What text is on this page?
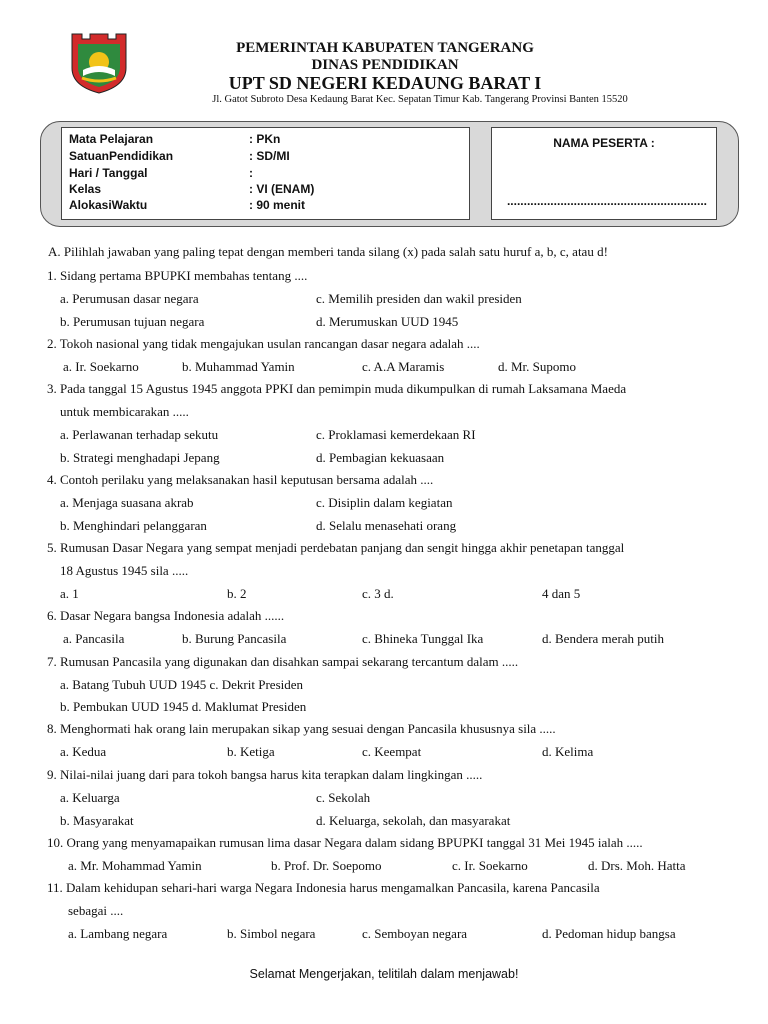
PEMERINTAH KABUPATEN TANGERANG
DINAS PENDIDIKAN
UPT SD NEGERI KEDAUNG BARAT I
Jl. Gatot Subroto Desa Kedaung Barat Kec. Sepatan Timur Kab. Tangerang Provinsi Banten 15520
Mata Pelajaran	: PKn
SatuanPendidikan	: SD/MI
Hari / Tanggal	:
Kelas	: VI (ENAM)
AlokasiWaktu	: 90 menit
NAMA PESERTA :
............................................................
A. Pilihlah jawaban yang paling tepat dengan memberi tanda silang (x) pada salah satu huruf a, b, c, atau d!
1. Sidang pertama BPUPKI membahas tentang ....
a. Perumusan dasar negara	c. Memilih presiden dan wakil presiden
b. Perumusan tujuan negara	d. Merumuskan UUD 1945
2. Tokoh nasional yang tidak mengajukan usulan rancangan dasar negara adalah ....
a. Ir. Soekarno	b. Muhammad Yamin	c. A.A Maramis	d. Mr. Supomo
3. Pada tanggal 15 Agustus 1945 anggota PPKI dan pemimpin muda dikumpulkan di rumah Laksamana Maeda
untuk membicarakan .....
a. Perlawanan terhadap sekutu	c. Proklamasi kemerdekaan RI
b. Strategi menghadapi Jepang	d. Pembagian kekuasaan
4. Contoh perilaku yang melaksanakan hasil keputusan bersama adalah ....
a. Menjaga suasana akrab	c. Disiplin dalam kegiatan
b. Menghindari pelanggaran	d. Selalu menasehati orang
5. Rumusan Dasar Negara yang sempat menjadi perdebatan panjang dan sengit hingga akhir penetapan tanggal
18 Agustus 1945 sila .....
a. 1	b. 2	c. 3 d.	4 dan 5
6. Dasar Negara bangsa Indonesia adalah ......
a. Pancasila	b. Burung Pancasila	c. Bhineka Tunggal Ika	d. Bendera merah putih
7. Rumusan Pancasila yang digunakan dan disahkan sampai sekarang tercantum dalam .....
a. Batang Tubuh UUD 1945 c. Dekrit Presiden
b. Pembukan UUD 1945 d. Maklumat Presiden
8. Menghormati hak orang lain merupakan sikap yang sesuai dengan Pancasila khususnya sila .....
a. Kedua	b. Ketiga	c. Keempat	d. Kelima
9. Nilai-nilai juang dari para tokoh bangsa harus kita terapkan dalam lingkingan .....
a. Keluarga	c. Sekolah
b. Masyarakat	d. Keluarga, sekolah, dan masyarakat
10. Orang yang menyamapaikan rumusan lima dasar Negara dalam sidang BPUPKI tanggal 31 Mei 1945 ialah .....
a. Mr. Mohammad Yamin	b. Prof. Dr. Soepomo	c. Ir. Soekarno	d. Drs. Moh. Hatta
11. Dalam kehidupan sehari-hari warga Negara Indonesia harus mengamalkan Pancasila, karena Pancasila
sebagai ....
a. Lambang negara	b. Simbol negara	c. Semboyan negara	d. Pedoman hidup bangsa
Selamat Mengerjakan, telitilah dalam menjawab!
